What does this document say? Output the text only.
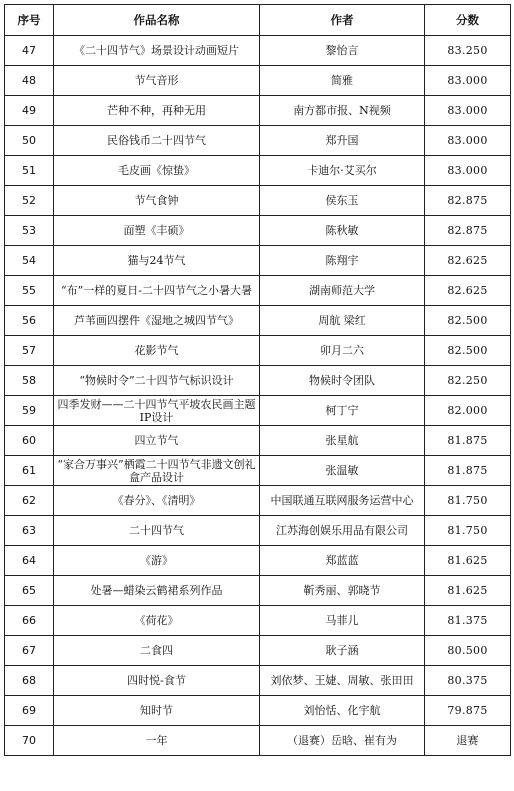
序号	作品名称	作者	分数
47	《二十四节气》场景设计动画短片	黎怡言	83.250
48	节气音形	简雅	83.000
49	芒种不种，再种无用	南方都市报、N视频	83.000
50	民俗钱币二十四节气	郑升国	83.000
51	毛皮画《惊蛰》	卡迪尔·艾买尔	83.000
52	节气食钟	侯东玉	82.875
53	面塑《丰硕》	陈秋敏	82.875
54	猫与24节气	陈翔宇	82.625
55	“布”一样的夏日-二十四节气之小暑大暑	湖南师范大学	82.625
56	芦苇画四摆件《湿地之城四节气》	周航 梁红	82.500
57	花影节气	卯月二六	82.500
58	“物候时令”二十四节气标识设计	物候时令团队	82.250
59	四季发财——二十四节气平坡农民画主题IP设计	柯丁宁	82.000
60	四立节气	张星航	81.875
61	“家合万事兴”栖霞二十四节气非遗文创礼盒产品设计	张温敏	81.875
62	《春分》、《清明》	中国联通互联网服务运营中心	81.750
63	二十四节气	江苏海创娱乐用品有限公司	81.750
64	《游》	郑蓝蓝	81.625
65	处暑—蜡染云鹤裙系列作品	靳秀丽、郭晓节	81.625
66	《荷花》	马菲儿	81.375
67	二食四	耿子涵	80.500
68	四时悦-食节	刘依梦、王婕、周敏、张田田	80.375
69	知时节	刘怡恬、化宇航	79.875
70	一年	（退赛）岳晗、崔有为	退赛
